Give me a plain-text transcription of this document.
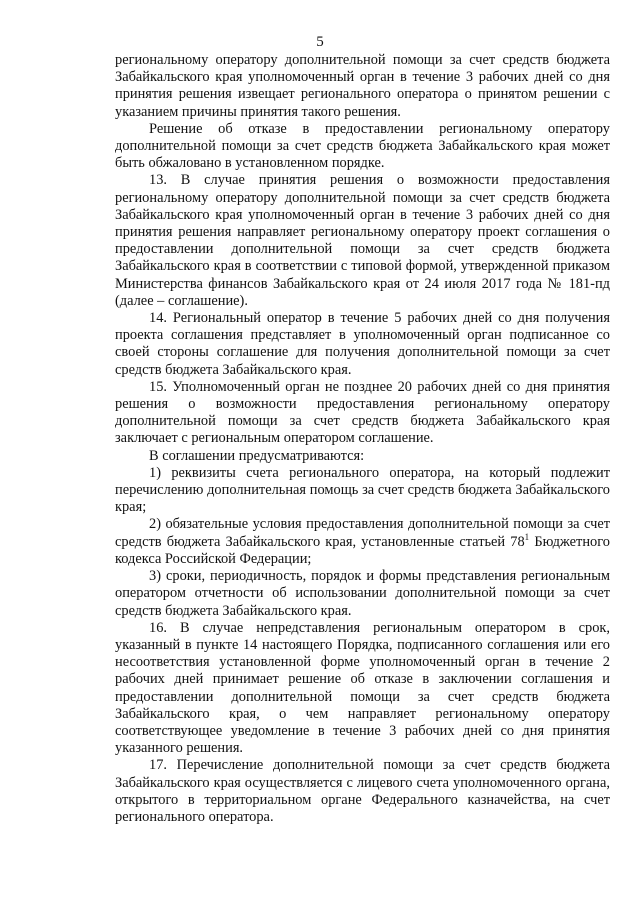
5

региональному оператору дополнительной помощи за счет средств бюджета Забайкальского края уполномоченный орган в течение 3 рабочих дней со дня принятия решения извещает регионального оператора о принятом решении с указанием причины принятия такого решения.

Решение об отказе в предоставлении региональному оператору дополнительной помощи за счет средств бюджета Забайкальского края может быть обжаловано в установленном порядке.

13. В случае принятия решения о возможности предоставления региональному оператору дополнительной помощи за счет средств бюджета Забайкальского края уполномоченный орган в течение 3 рабочих дней со дня принятия решения направляет региональному оператору проект соглашения о предоставлении дополнительной помощи за счет средств бюджета Забайкальского края в соответствии с типовой формой, утвержденной приказом Министерства финансов Забайкальского края от 24 июля 2017 года № 181-пд (далее – соглашение).

14. Региональный оператор в течение 5 рабочих дней со дня получения проекта соглашения представляет в уполномоченный орган подписанное со своей стороны соглашение для получения дополнительной помощи за счет средств бюджета Забайкальского края.

15. Уполномоченный орган не позднее 20 рабочих дней со дня принятия решения о возможности предоставления региональному оператору дополнительной помощи за счет средств бюджета Забайкальского края заключает с региональным оператором соглашение.

В соглашении предусматриваются:

1) реквизиты счета регионального оператора, на который подлежит перечислению дополнительная помощь за счет средств бюджета Забайкальского края;

2) обязательные условия предоставления дополнительной помощи за счет средств бюджета Забайкальского края, установленные статьей $78^1$ Бюджетного кодекса Российской Федерации;

3) сроки, периодичность, порядок и формы представления региональным оператором отчетности об использовании дополнительной помощи за счет средств бюджета Забайкальского края.

16. В случае непредставления региональным оператором в срок, указанный в пункте 14 настоящего Порядка, подписанного соглашения или его несоответствия установленной форме уполномоченный орган в течение 2 рабочих дней принимает решение об отказе в заключении соглашения и предоставлении дополнительной помощи за счет средств бюджета Забайкальского края, о чем направляет региональному оператору соответствующее уведомление в течение 3 рабочих дней со дня принятия указанного решения.

17. Перечисление дополнительной помощи за счет средств бюджета Забайкальского края осуществляется с лицевого счета уполномоченного органа, открытого в территориальном органе Федерального казначейства, на счет регионального оператора.
